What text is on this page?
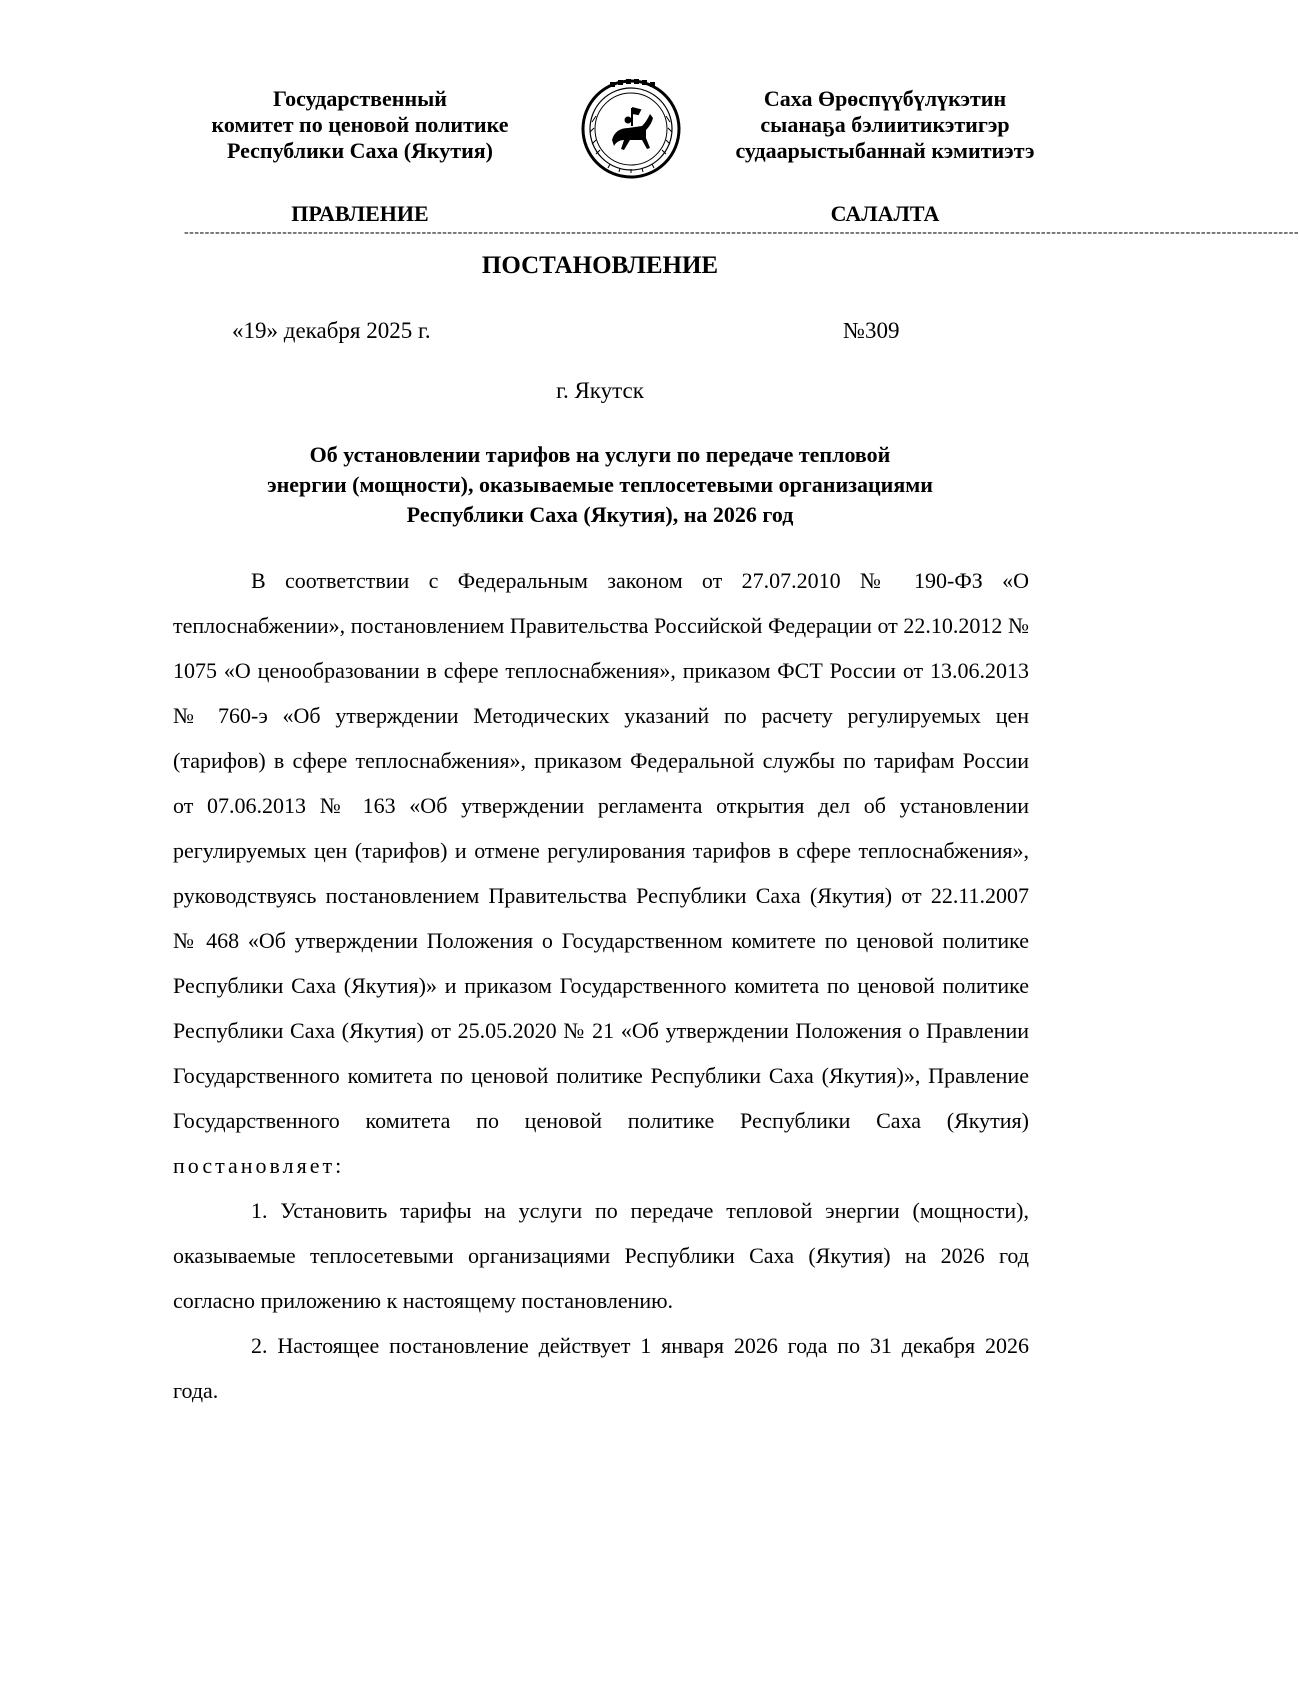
Государственный
комитет по ценовой политике
Республики Саха (Якутия)
Саха Өрөспүүбүлүкэтин
сыанаҕа бэлиитикэтигэр
судаарыстыбаннай кэмитиэтэ
ПРАВЛЕНИЕ	САЛАЛТА
------------------------------------------------------------------------------------------------------------------------------------------------------------------------------------------------------------------------
ПОСТАНОВЛЕНИЕ
«19» декабря 2025 г.	№309
г. Якутск
Об установлении тарифов на услуги по передаче тепловой
энергии (мощности), оказываемые теплосетевыми организациями
Республики Саха (Якутия), на 2026 год

В соответствии с Федеральным законом от 27.07.2010 № 190-ФЗ «О теплоснабжении», постановлением Правительства Российской Федерации от 22.10.2012 № 1075 «О ценообразовании в сфере теплоснабжения», приказом ФСТ России от 13.06.2013 № 760-э «Об утверждении Методических указаний по расчету регулируемых цен (тарифов) в сфере теплоснабжения», приказом Федеральной службы по тарифам России от 07.06.2013 № 163 «Об утверждении регламента открытия дел об установлении регулируемых цен (тарифов) и отмене регулирования тарифов в сфере теплоснабжения», руководствуясь постановлением Правительства Республики Саха (Якутия) от 22.11.2007 № 468 «Об утверждении Положения о Государственном комитете по ценовой политике Республики Саха (Якутия)» и приказом Государственного комитета по ценовой политике Республики Саха (Якутия) от 25.05.2020 № 21 «Об утверждении Положения о Правлении Государственного комитета по ценовой политике Республики Саха (Якутия)», Правление Государственного комитета по ценовой политике Республики Саха (Якутия) постановляет:

1. Установить тарифы на услуги по передаче тепловой энергии (мощности), оказываемые теплосетевыми организациями Республики Саха (Якутия) на 2026 год согласно приложению к настоящему постановлению.

2. Настоящее постановление действует 1 января 2026 года по 31 декабря 2026 года.
